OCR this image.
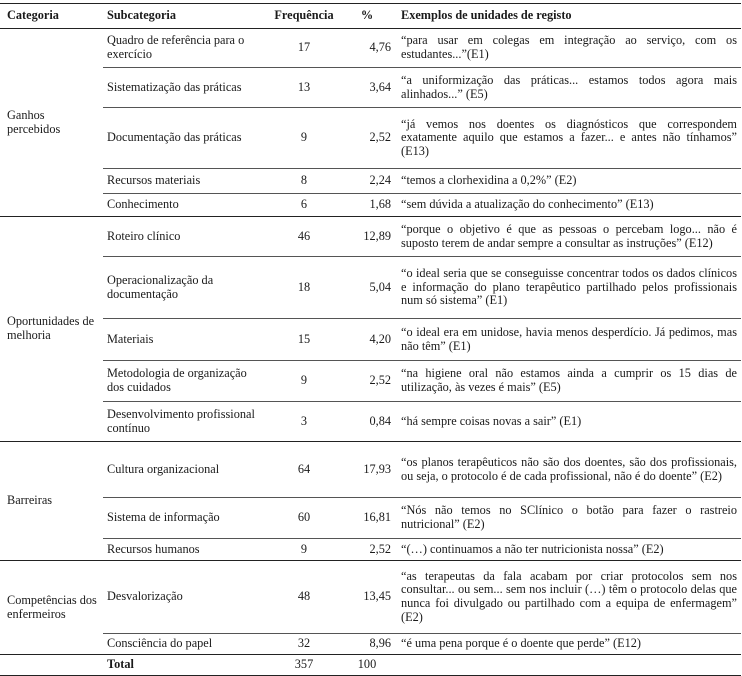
Categoria	Subcategoria	Frequência	%	Exemplos de unidades de registo
Ganhos percebidos	Quadro de referência para o exercício	17	4,76	“para usar em colegas em integração ao serviço, com os estudantes...”(E1)
	Sistematização das práticas	13	3,64	“a uniformização das práticas... estamos todos agora mais alinhados...” (E5)
	Documentação das práticas	9	2,52	“já vemos nos doentes os diagnósticos que correspondem exatamente aquilo que estamos a fazer... e antes não tínhamos” (E13)
	Recursos materiais	8	2,24	“temos a clorhexidina a 0,2%” (E2)
	Conhecimento	6	1,68	“sem dúvida a atualização do conhecimento” (E13)
Oportunidades de melhoria	Roteiro clínico	46	12,89	“porque o objetivo é que as pessoas o percebam logo... não é suposto terem de andar sempre a consultar as instruções” (E12)
	Operacionalização da documentação	18	5,04	“o ideal seria que se conseguisse concentrar todos os dados clínicos e informação do plano terapêutico partilhado pelos profissionais num só sistema” (E1)
	Materiais	15	4,20	“o ideal era em unidose, havia menos desperdício. Já pedimos, mas não têm” (E1)
	Metodologia de organização dos cuidados	9	2,52	“na higiene oral não estamos ainda a cumprir os 15 dias de utilização, às vezes é mais” (E5)
	Desenvolvimento profissional contínuo	3	0,84	“há sempre coisas novas a sair” (E1)
Barreiras	Cultura organizacional	64	17,93	“os planos terapêuticos não são dos doentes, são dos profissionais, ou seja, o protocolo é de cada profissional, não é do doente” (E2)
	Sistema de informação	60	16,81	“Nós não temos no SClínico o botão para fazer o rastreio nutricional” (E2)
	Recursos humanos	9	2,52	“(…) continuamos a não ter nutricionista nossa” (E2)
Competências dos enfermeiros	Desvalorização	48	13,45	“as terapeutas da fala acabam por criar protocolos sem nos consultar... ou sem... sem nos incluir (…) têm o protocolo delas que nunca foi divulgado ou partilhado com a equipa de enfermagem” (E2)
	Consciência do papel	32	8,96	“é uma pena porque é o doente que perde” (E12)
	Total	357	100	
